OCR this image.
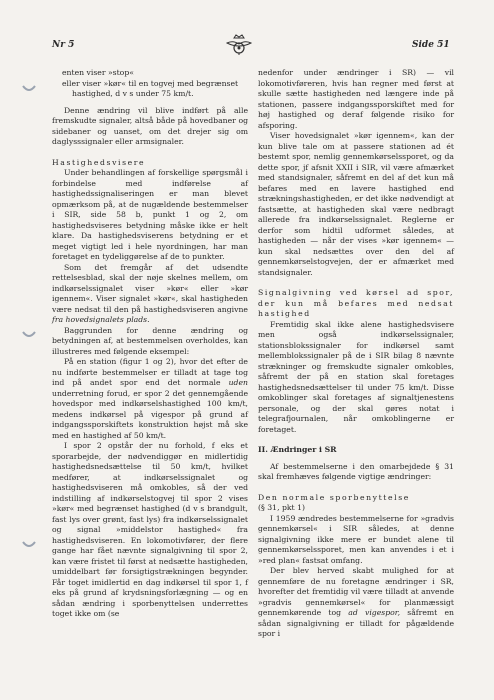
Nr 5	Side 51

enten viser »stop«

eller viser »kør« til en togvej med begrænset

hastighed, d v s under 75 km/t.

Denne ændring vil blive indført på alle fremskudte signaler, altså både på hovedbaner og sidebaner og uanset, om det drejer sig om daglysssignaler eller armsignaler.

Hastighedsvisere

Under behandlingen af forskellige spørgsmål i forbindelse med indførelse af hastighedssignaliseringen er man blevet opmærksom på, at de nugældende bestemmelser i SIR, side 58 b, punkt 1 og 2, om hastighedsviseres betydning måske ikke er helt klare. Da hastighedsviserens betydning er et meget vigtigt led i hele nyordningen, har man foretaget en tydeliggørelse af de to punkter.

Som det fremgår af det udsendte rettelsesblad, skal der nøje skelnes mellem, om indkørselssignalet viser »kør« eller »kør igennem«. Viser signalet »kør«, skal hastigheden være nedsat til den på hastighedsviseren angivne fra hovedsignalets plads.

Baggrunden for denne ændring og betydningen af, at bestemmelsen overholdes, kan illustreres med følgende eksempel:

På en station (figur 1 og 2), hvor det efter de nu indførte bestemmelser er tilladt at tage tog ind på andet spor end det normale uden underretning forud, er spor 2 det gennemgående hovedspor med indkørselshastighed 100 km/t, medens indkørsel på vigespor på grund af indgangssporskiftets konstruktion højst må ske med en hastighed af 50 km/t.

I spor 2 opstår der nu forhold, f eks et sporarbejde, der nødvendiggør en midlertidig hastighedsnedsættelse til 50 km/t, hvilket medfører, at indkørselssignalet og hastighedsviseren må omkobles, så der ved indstilling af indkørselstogvej til spor 2 vises »kør« med begrænset hastighed (d v s brandgult, fast lys over grønt, fast lys) fra indkørselssignalet og signal »middelstor hastighed« fra hastighedsviseren. En lokomotivfører, der flere gange har fået nævnte signalgivning til spor 2, kan være fristet til først at nedsætte hastigheden, umiddelbart før forsigtigstrækningen begynder. Får toget imidlertid en dag indkørsel til spor 1, f eks på grund af krydsningsforlægning — og en sådan ændring i sporbenyttelsen underrettes toget ikke om (se

nedenfor under ændringer i SR) — vil lokomotivføreren, hvis han regner med først at skulle sætte hastigheden ned længere inde på stationen, passere indgangssporskiftet med for høj hastighed og deraf følgende risiko for afsporing.

Viser hovedsignalet »kør igennem«, kan der kun blive tale om at passere stationen ad ét bestemt spor, nemlig gennemkørselssporet, og da dette spor, jf afsnit XXII i SIR, vil være afmærket med standsignaler, såfremt en del af det kun må befares med en lavere hastighed end strækningshastigheden, er det ikke nødvendigt at fastsætte, at hastigheden skal være nedbragt allerede fra indkørselssignalet. Reglerne er derfor som hidtil udformet således, at hastigheden — når der vises »kør igennem« — kun skal nedsættes over den del af gennemkørselstogvejen, der er afmærket med standsignaler.

Signalgivning ved kørsel ad spor, der kun må befares med nedsat hastighed

Fremtidig skal ikke alene hastighedsvisere men også indkørselssignaler, stationsblokssignaler for indkørsel samt mellemblokssignaler på de i SIR bilag 8 nævnte strækninger og fremskudte signaler omkobles, såfremt der på en station skal foretages hastighedsnedsættelser til under 75 km/t. Disse omkoblinger skal foretages af signaltjenestens personale, og der skal gøres notat i telegrafjournalen, når omkoblingerne er foretaget.

II. Ændringer i SR

Af bestemmelserne i den omarbejdede § 31 skal fremhæves følgende vigtige ændringer:

Den normale sporbenyttelse

(§ 31, pkt 1)

I 1959 ændredes bestemmelserne for »gradvis gennemkørsel« i SIR således, at denne signalgivning ikke mere er bundet alene til gennemkørselssporet, men kan anvendes i et i »red plan« fastsat omfang.

Der blev herved skabt mulighed for at gennemføre de nu foretagne ændringer i SR, hvorefter det fremtidig vil være tilladt at anvende »gradvis gennemkørsel« for planmæssigt gennemkørende tog ad vigespor, såfremt en sådan signalgivning er tilladt for pågældende spor i
